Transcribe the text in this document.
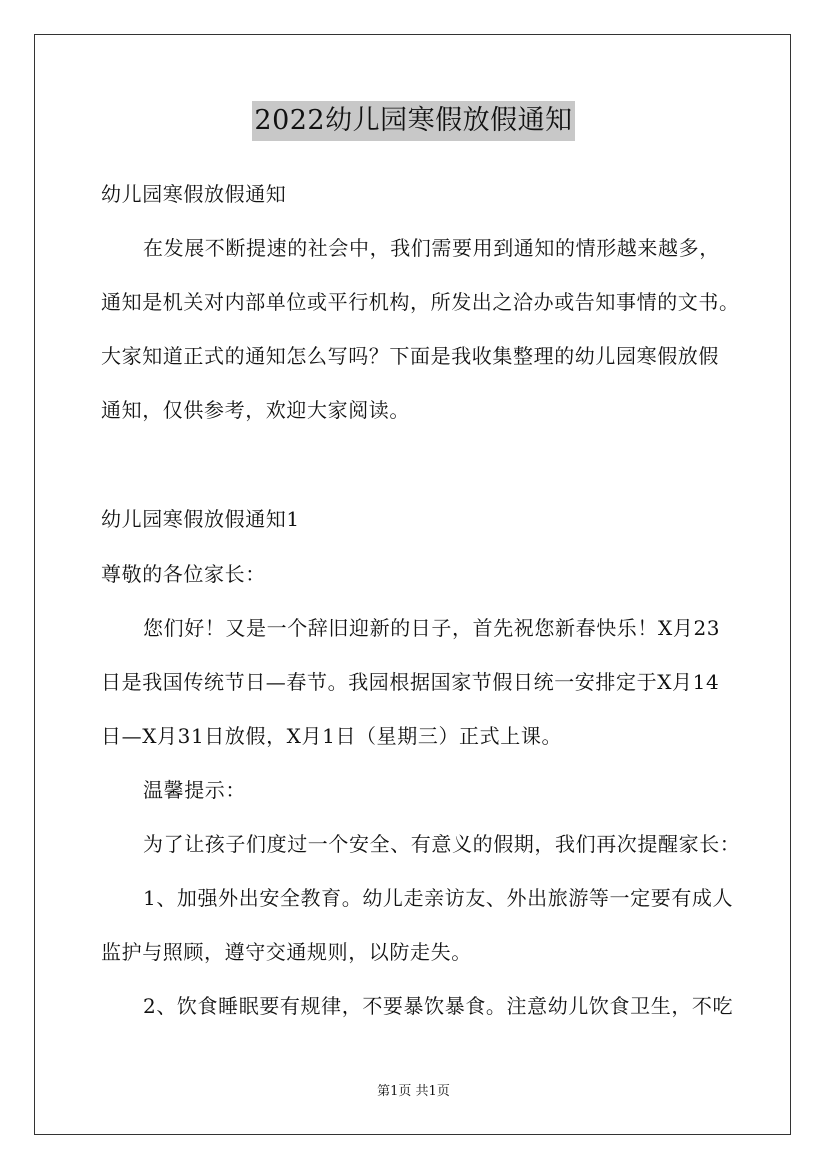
2022幼儿园寒假放假通知
幼儿园寒假放假通知
在发展不断提速的社会中，我们需要用到通知的情形越来越多，
通知是机关对内部单位或平行机构，所发出之洽办或告知事情的文书。
大家知道正式的通知怎么写吗？下面是我收集整理的幼儿园寒假放假
通知，仅供参考，欢迎大家阅读。
幼儿园寒假放假通知1
尊敬的各位家长：
您们好！又是一个辞旧迎新的日子，首先祝您新春快乐！X月23
日是我国传统节日—春节。我园根据国家节假日统一安排定于X月14
日—X月31日放假，X月1日（星期三）正式上课。
温馨提示：
为了让孩子们度过一个安全、有意义的假期，我们再次提醒家长：
1、加强外出安全教育。幼儿走亲访友、外出旅游等一定要有成人
监护与照顾，遵守交通规则，以防走失。
2、饮食睡眠要有规律，不要暴饮暴食。注意幼儿饮食卫生，不吃
第1页 共1页
